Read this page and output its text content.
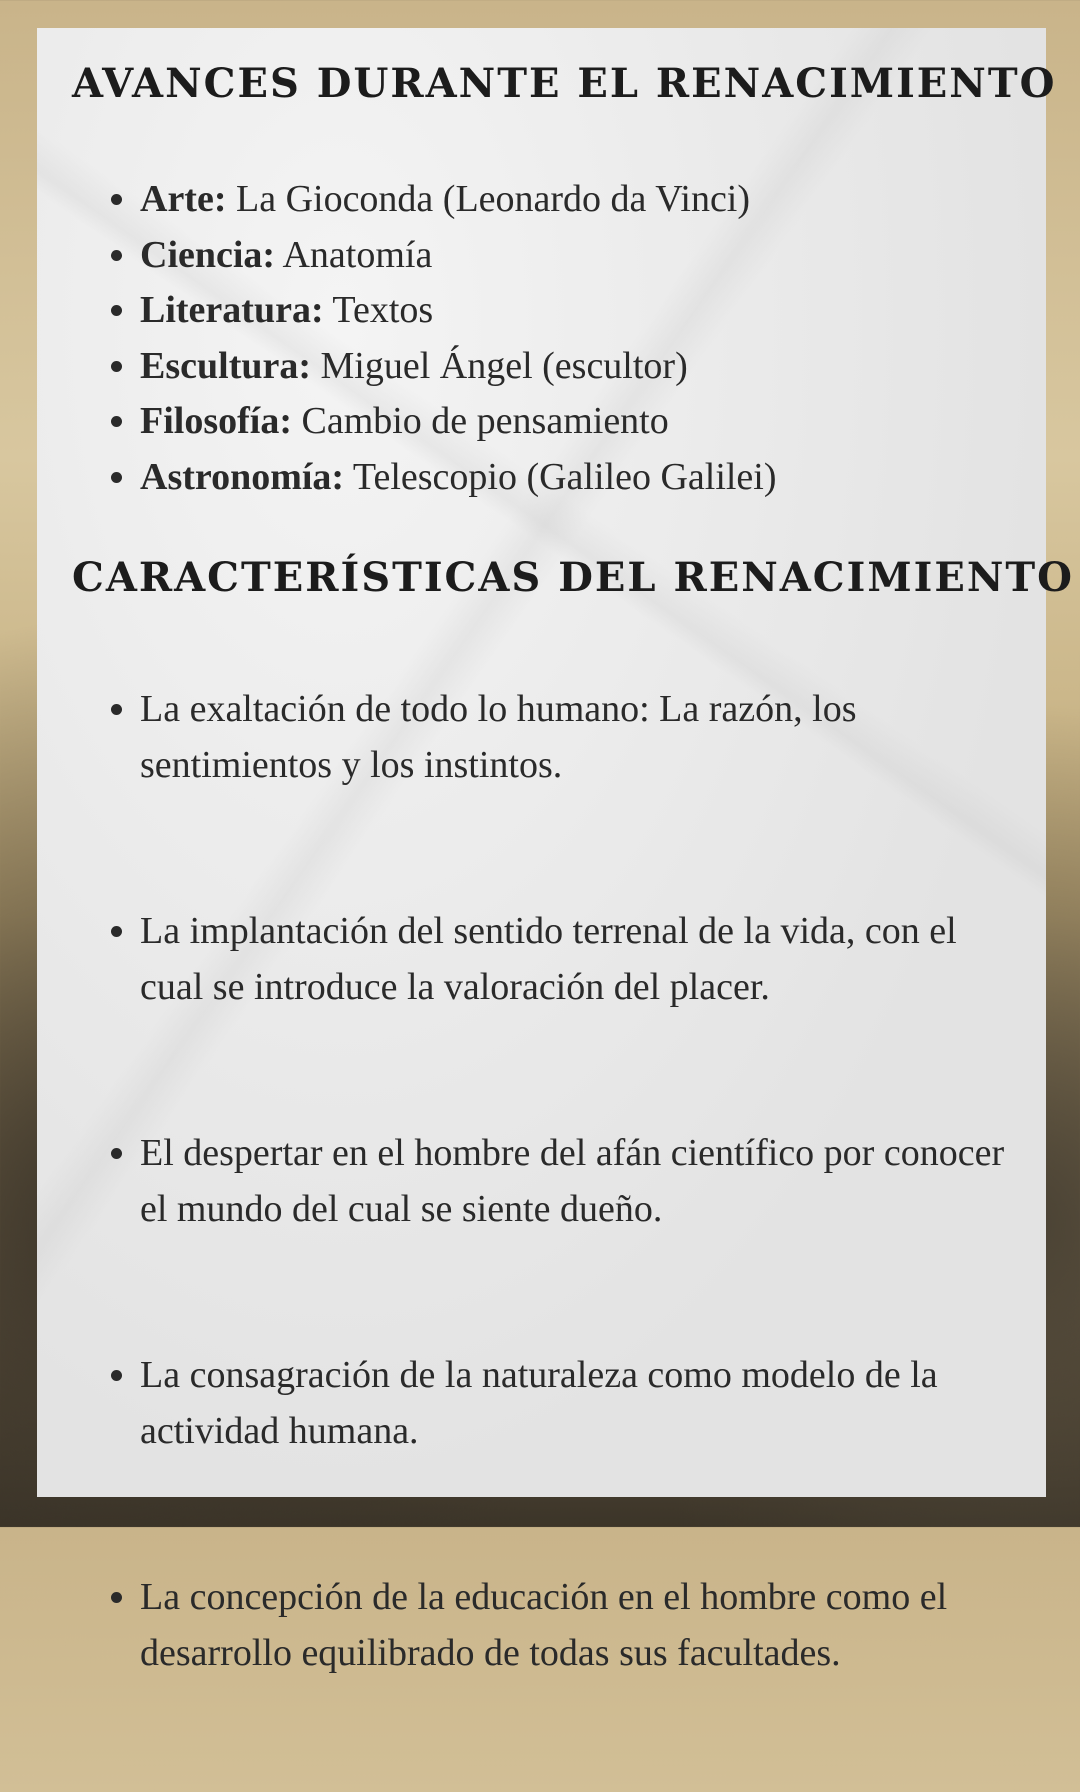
AVANCES DURANTE EL RENACIMIENTO
• Arte: La Gioconda (Leonardo da Vinci)
• Ciencia: Anatomía
• Literatura: Textos
• Escultura: Miguel Ángel (escultor)
• Filosofía: Cambio de pensamiento
• Astronomía: Telescopio (Galileo Galilei)
CARACTERÍSTICAS DEL RENACIMIENTO
• La exaltación de todo lo humano: La razón, los sentimientos y los instintos.
• La implantación del sentido terrenal de la vida, con el cual se introduce la valoración del placer.
• El despertar en el hombre del afán científico por conocer el mundo del cual se siente dueño.
• La consagración de la naturaleza como modelo de la actividad humana.
• La concepción de la educación en el hombre como el desarrollo equilibrado de todas sus facultades.
